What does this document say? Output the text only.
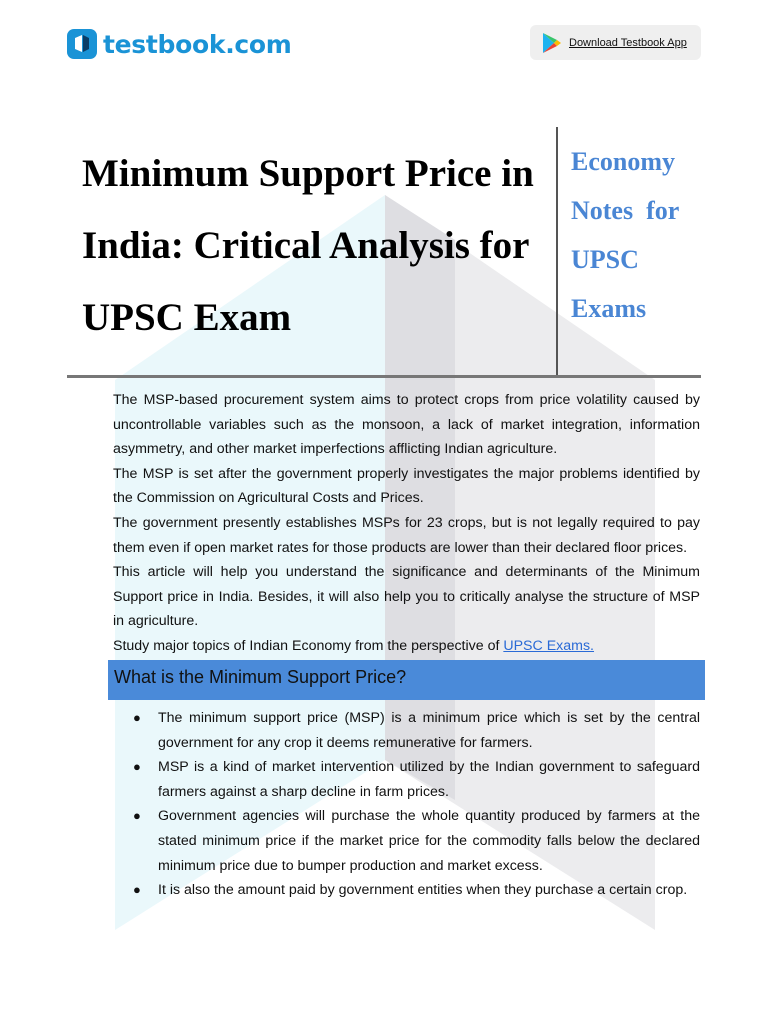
testbook.com	Download Testbook App
Minimum Support Price in
India: Critical Analysis for
UPSC Exam
Economy
Notes  for
UPSC
Exams

The MSP-based procurement system aims to protect crops from price volatility caused by uncontrollable variables such as the monsoon, a lack of market integration, information asymmetry, and other market imperfections afflicting Indian agriculture.

The MSP is set after the government properly investigates the major problems identified by the Commission on Agricultural Costs and Prices.

The government presently establishes MSPs for 23 crops, but is not legally required to pay them even if open market rates for those products are lower than their declared floor prices.

This article will help you understand the significance and determinants of the Minimum Support price in India. Besides, it will also help you to critically analyse the structure of MSP in agriculture.

Study major topics of Indian Economy from the perspective of UPSC Exams.

What is the Minimum Support Price?
● The minimum support price (MSP) is a minimum price which is set by the central government for any crop it deems remunerative for farmers.
● MSP is a kind of market intervention utilized by the Indian government to safeguard farmers against a sharp decline in farm prices.
● Government agencies will purchase the whole quantity produced by farmers at the stated minimum price if the market price for the commodity falls below the declared minimum price due to bumper production and market excess.
● It is also the amount paid by government entities when they purchase a certain crop.
